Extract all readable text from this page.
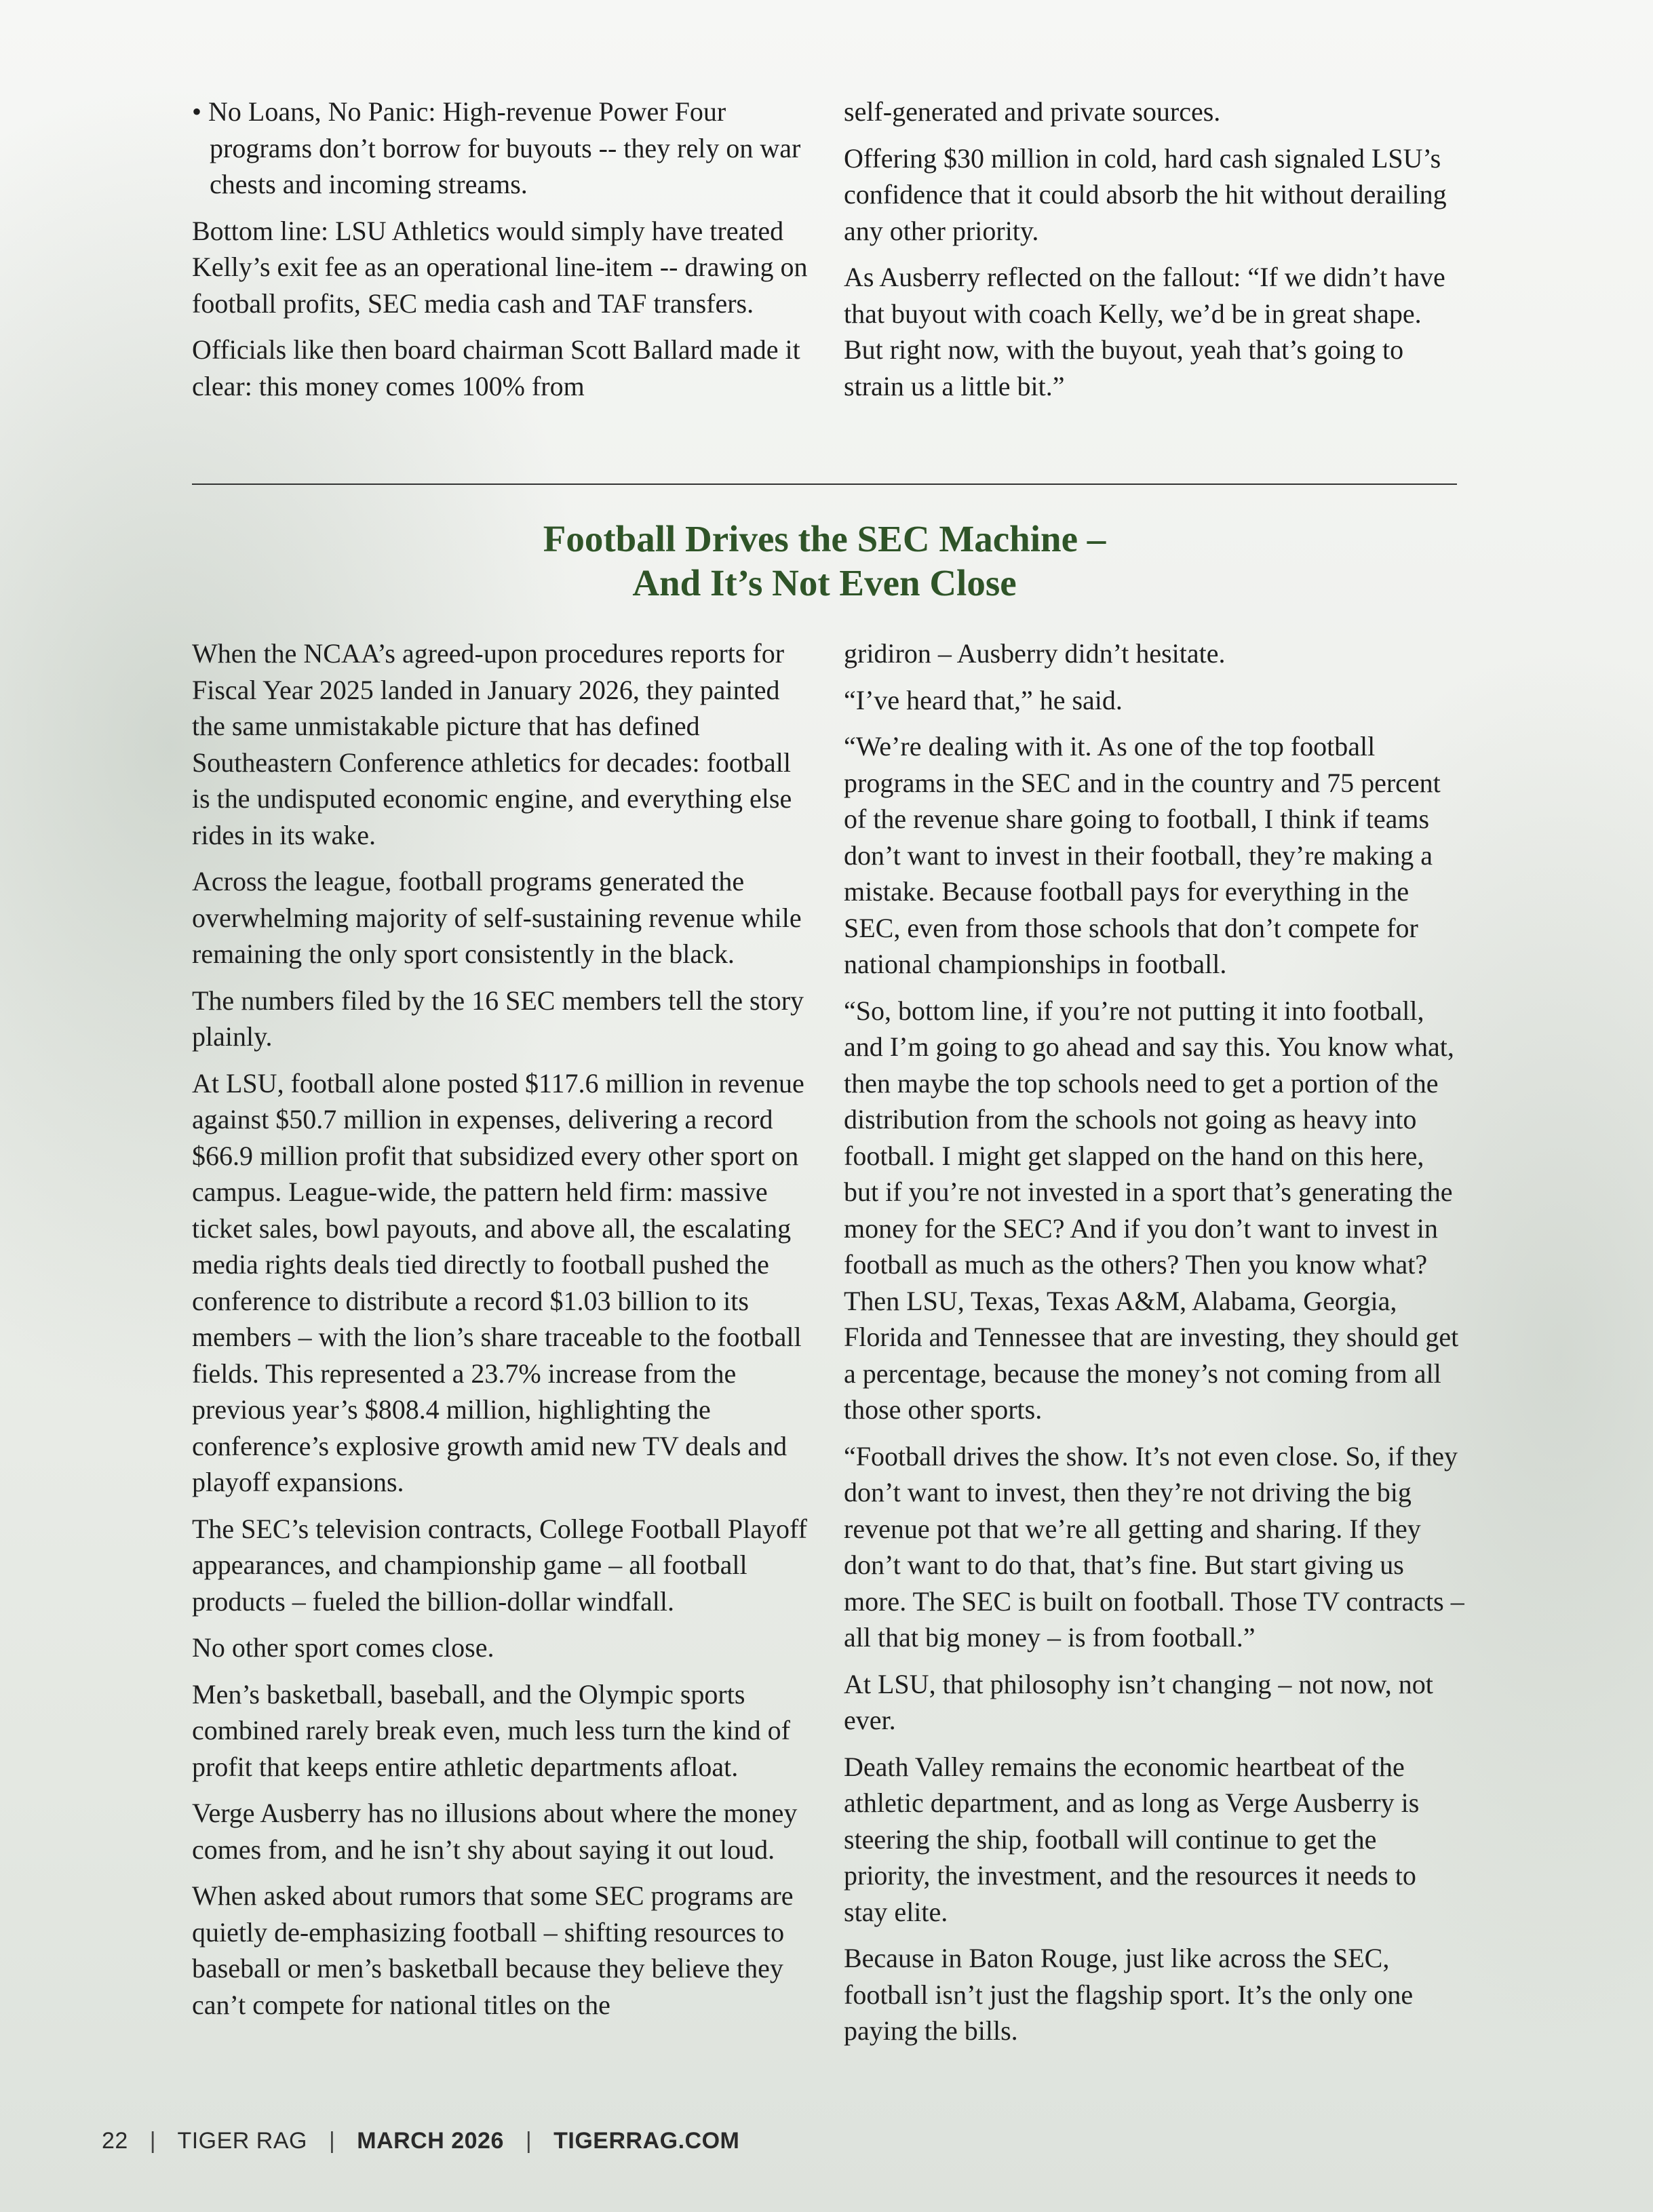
• No Loans, No Panic: High-revenue Power Four programs don’t borrow for buyouts -- they rely on war chests and incoming streams.

Bottom line: LSU Athletics would simply have treated Kelly’s exit fee as an operational line-item -- drawing on football profits, SEC media cash and TAF transfers.

Officials like then board chairman Scott Ballard made it clear: this money comes 100% from

self-generated and private sources.

Offering $30 million in cold, hard cash signaled LSU’s confidence that it could absorb the hit without derailing any other priority.

As Ausberry reflected on the fallout: “If we didn’t have that buyout with coach Kelly, we’d be in great shape. But right now, with the buyout, yeah that’s going to strain us a little bit.”

Football Drives the SEC Machine –
And It’s Not Even Close

When the NCAA’s agreed-upon procedures reports for Fiscal Year 2025 landed in January 2026, they painted the same unmistakable picture that has defined Southeastern Conference athletics for decades: football is the undisputed economic engine, and everything else rides in its wake.

Across the league, football programs generated the overwhelming majority of self-sustaining revenue while remaining the only sport consistently in the black.

The numbers filed by the 16 SEC members tell the story plainly.

At LSU, football alone posted $117.6 million in revenue against $50.7 million in expenses, delivering a record $66.9 million profit that subsidized every other sport on campus. League-wide, the pattern held firm: massive ticket sales, bowl payouts, and above all, the escalating media rights deals tied directly to football pushed the conference to distribute a record $1.03 billion to its members – with the lion’s share traceable to the football fields. This represented a 23.7% increase from the previous year’s $808.4 million, highlighting the conference’s explosive growth amid new TV deals and playoff expansions.

The SEC’s television contracts, College Football Playoff appearances, and championship game – all football products – fueled the billion-dollar windfall.

No other sport comes close.

Men’s basketball, baseball, and the Olympic sports combined rarely break even, much less turn the kind of profit that keeps entire athletic departments afloat.

Verge Ausberry has no illusions about where the money comes from, and he isn’t shy about saying it out loud.

When asked about rumors that some SEC programs are quietly de-emphasizing football – shifting resources to baseball or men’s basketball because they believe they can’t compete for national titles on the

gridiron – Ausberry didn’t hesitate.

“I’ve heard that,” he said.

“We’re dealing with it. As one of the top football programs in the SEC and in the country and 75 percent of the revenue share going to football, I think if teams don’t want to invest in their football, they’re making a mistake. Because football pays for everything in the SEC, even from those schools that don’t compete for national championships in football.

“So, bottom line, if you’re not putting it into football, and I’m going to go ahead and say this. You know what, then maybe the top schools need to get a portion of the distribution from the schools not going as heavy into football. I might get slapped on the hand on this here, but if you’re not invested in a sport that’s generating the money for the SEC? And if you don’t want to invest in football as much as the others? Then you know what? Then LSU, Texas, Texas A&M, Alabama, Georgia, Florida and Tennessee that are investing, they should get a percentage, because the money’s not coming from all those other sports.

“Football drives the show. It’s not even close. So, if they don’t want to invest, then they’re not driving the big revenue pot that we’re all getting and sharing. If they don’t want to do that, that’s fine. But start giving us more. The SEC is built on football. Those TV contracts – all that big money – is from football.”

At LSU, that philosophy isn’t changing – not now, not ever.

Death Valley remains the economic heartbeat of the athletic department, and as long as Verge Ausberry is steering the ship, football will continue to get the priority, the investment, and the resources it needs to stay elite.

Because in Baton Rouge, just like across the SEC, football isn’t just the flagship sport. It’s the only one paying the bills.

22 | TIGER RAG | MARCH 2026 | TIGERRAG.COM
